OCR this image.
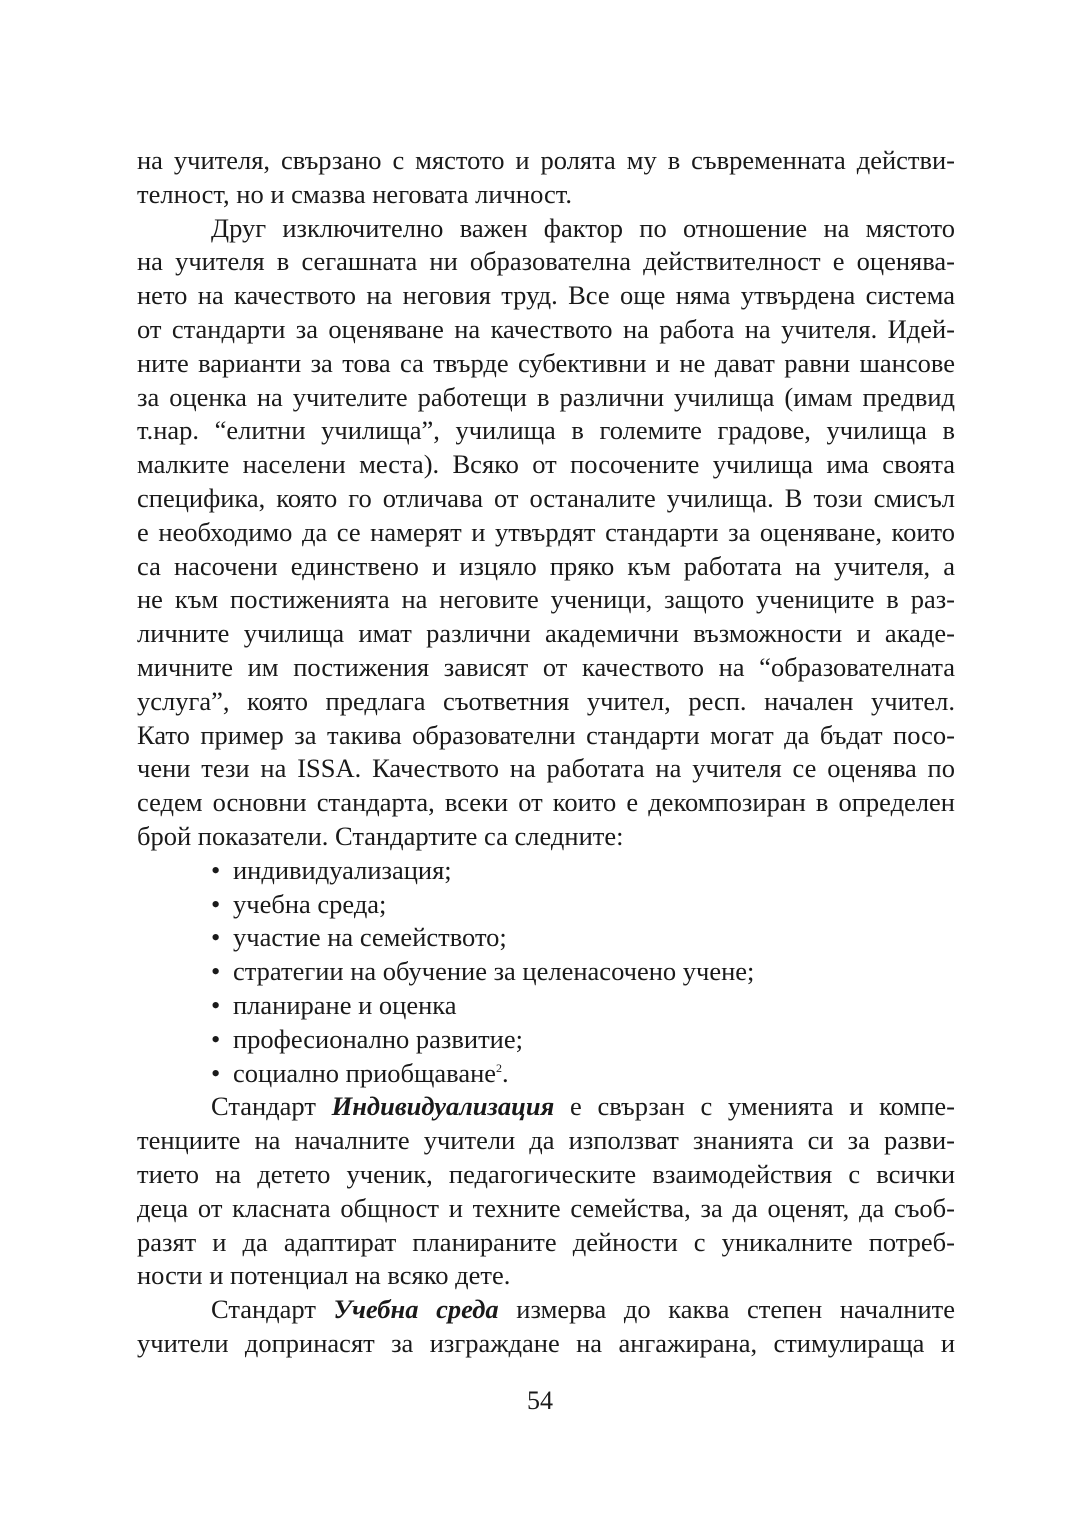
на учителя, свързано с мястото и ролята му в съвременната действи-
телност, но и смазва неговата личност.
Друг изключително важен фактор по отношение на мястото
на учителя в сегашната ни образователна действителност е оценява-
нето на качеството на неговия труд. Все още няма утвърдена система
от стандарти за оценяване на качеството на работа на учителя. Идей-
ните варианти за това са твърде субективни и не дават равни шансове
за оценка на учителите работещи в различни училища (имам предвид
т.нар. “елитни училища”, училища в големите градове, училища в
малките населени места). Всяко от посочените училища има своята
специфика, която го отличава от останалите училища. В този смисъл
е необходимо да се намерят и утвърдят стандарти за оценяване, които
са насочени единствено и изцяло пряко към работата на учителя, а
не към постиженията на неговите ученици, защото учениците в раз-
личните училища имат различни академични възможности и акаде-
мичните им постижения зависят от качеството на “образователната
услуга”, която предлага съответния учител, респ. начален учител.
Като пример за такива образователни стандарти могат да бъдат посо-
чени тези на ISSA. Качеството на работата на учителя се оценява по
седем основни стандарта, всеки от които е декомпозиран в определен
брой показатели. Стандартите са следните:
• индивидуализация;
• учебна среда;
• участие на семейството;
• стратегии на обучение за целенасочено учене;
• планиране и оценка
• професионално развитие;
• социално приобщаване$^2$.
Стандарт Индивидуализация е свързан с уменията и компе-
тенциите на началните учители да използват знанията си за разви-
тието на детето ученик, педагогическите взаимодействия с всички
деца от класната общност и техните семейства, за да оценят, да съоб-
разят и да адаптират планираните дейности с уникалните потреб-
ности и потенциал на всяко дете.
Стандарт Учебна среда измерва до каква степен началните
учители допринасят за изграждане на ангажирана, стимулираща и
54
